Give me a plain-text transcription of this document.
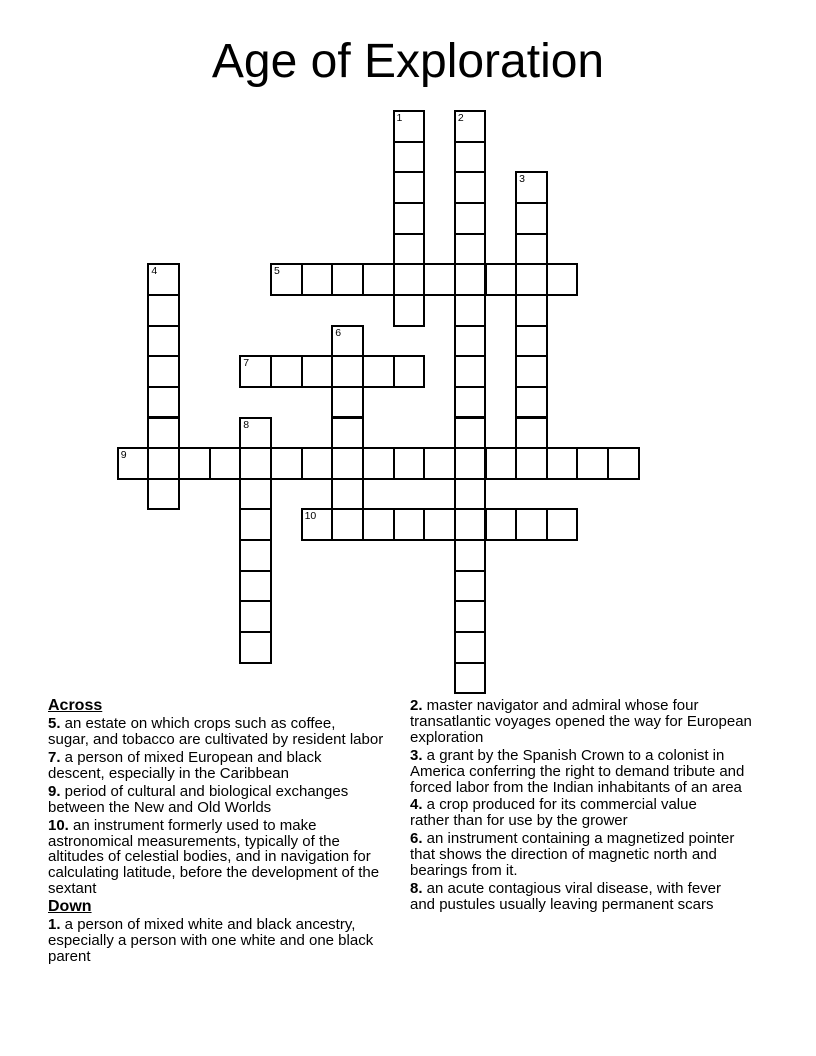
Age of Exploration
1	2
3
4	5
6
7
8
9
10
Across

5. an estate on which crops such as coffee,
sugar, and tobacco are cultivated by resident labor

7. a person of mixed European and black
descent, especially in the Caribbean

9. period of cultural and biological exchanges
between the New and Old Worlds

10. an instrument formerly used to make
astronomical measurements, typically of the
altitudes of celestial bodies, and in navigation for
calculating latitude, before the development of the
sextant

Down

1. a person of mixed white and black ancestry,
especially a person with one white and one black
parent

2. master navigator and admiral whose four
transatlantic voyages opened the way for European
exploration

3. a grant by the Spanish Crown to a colonist in
America conferring the right to demand tribute and
forced labor from the Indian inhabitants of an area

4. a crop produced for its commercial value
rather than for use by the grower

6. an instrument containing a magnetized pointer
that shows the direction of magnetic north and
bearings from it.

8. an acute contagious viral disease, with fever
and pustules usually leaving permanent scars
